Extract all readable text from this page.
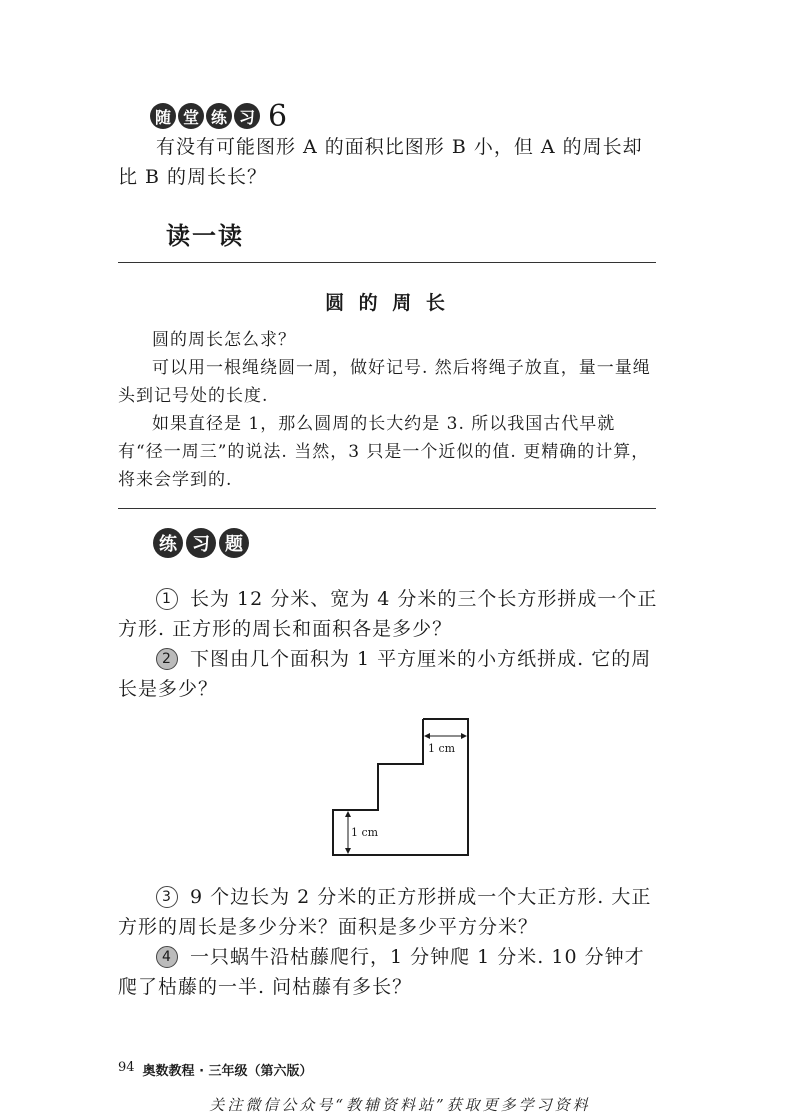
随 堂 练 习 6
有没有可能图形 A 的面积比图形 B 小，但 A 的周长却比 B 的周长长？
读一读
圆 的 周 长
圆的周长怎么求？
可以用一根绳绕圆一周，做好记号. 然后将绳子放直，量一量绳头到记号处的长度.
如果直径是 1，那么圆周的长大约是 3. 所以我国古代早就有“径一周三”的说法. 当然，3 只是一个近似的值. 更精确的计算，将来会学到的.
练 习 题
1 长为 12 分米、宽为 4 分米的三个长方形拼成一个正方形. 正方形的周长和面积各是多少？
2 下图由几个面积为 1 平方厘米的小方纸拼成. 它的周长是多少？
1 cm
1 cm
3 9 个边长为 2 分米的正方形拼成一个大正方形. 大正方形的周长是多少分米？面积是多少平方分米？
4 一只蜗牛沿枯藤爬行，1 分钟爬 1 分米. 10 分钟才爬了枯藤的一半. 问枯藤有多长？
94 奥数教程 · 三年级（第六版）
关注微信公众号“教辅资料站”获取更多学习资料
